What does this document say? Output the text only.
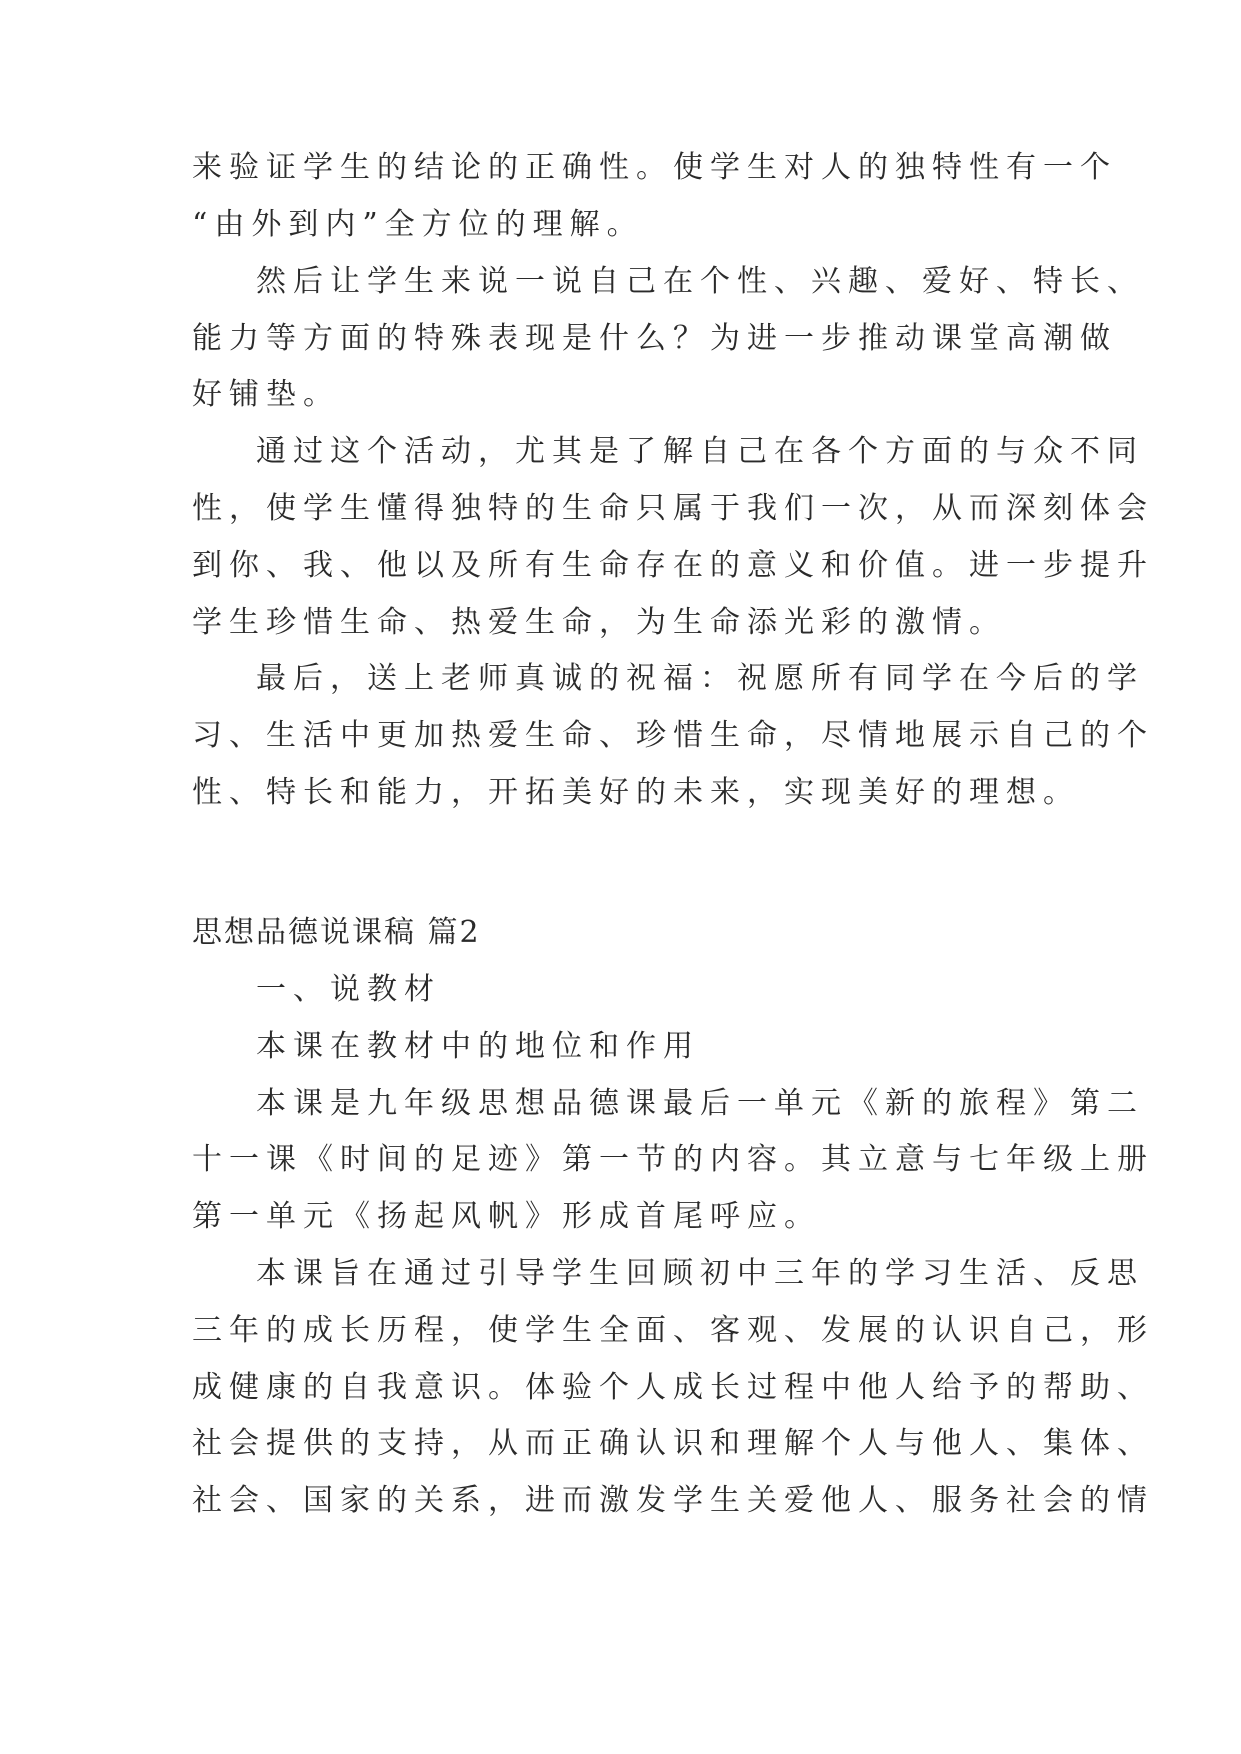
来验证学生的结论的正确性。使学生对人的独特性有一个
“由外到内”全方位的理解。
然后让学生来说一说自己在个性、兴趣、爱好、特长、
能力等方面的特殊表现是什么？为进一步推动课堂高潮做
好铺垫。
通过这个活动，尤其是了解自己在各个方面的与众不同
性，使学生懂得独特的生命只属于我们一次，从而深刻体会
到你、我、他以及所有生命存在的意义和价值。进一步提升
学生珍惜生命、热爱生命，为生命添光彩的激情。
最后，送上老师真诚的祝福：祝愿所有同学在今后的学
习、生活中更加热爱生命、珍惜生命，尽情地展示自己的个
性、特长和能力，开拓美好的未来，实现美好的理想。
思想品德说课稿 篇2
一、说教材
本课在教材中的地位和作用
本课是九年级思想品德课最后一单元《新的旅程》第二
十一课《时间的足迹》第一节的内容。其立意与七年级上册
第一单元《扬起风帆》形成首尾呼应。
本课旨在通过引导学生回顾初中三年的学习生活、反思
三年的成长历程，使学生全面、客观、发展的认识自己，形
成健康的自我意识。体验个人成长过程中他人给予的帮助、
社会提供的支持，从而正确认识和理解个人与他人、集体、
社会、国家的关系，进而激发学生关爱他人、服务社会的情
